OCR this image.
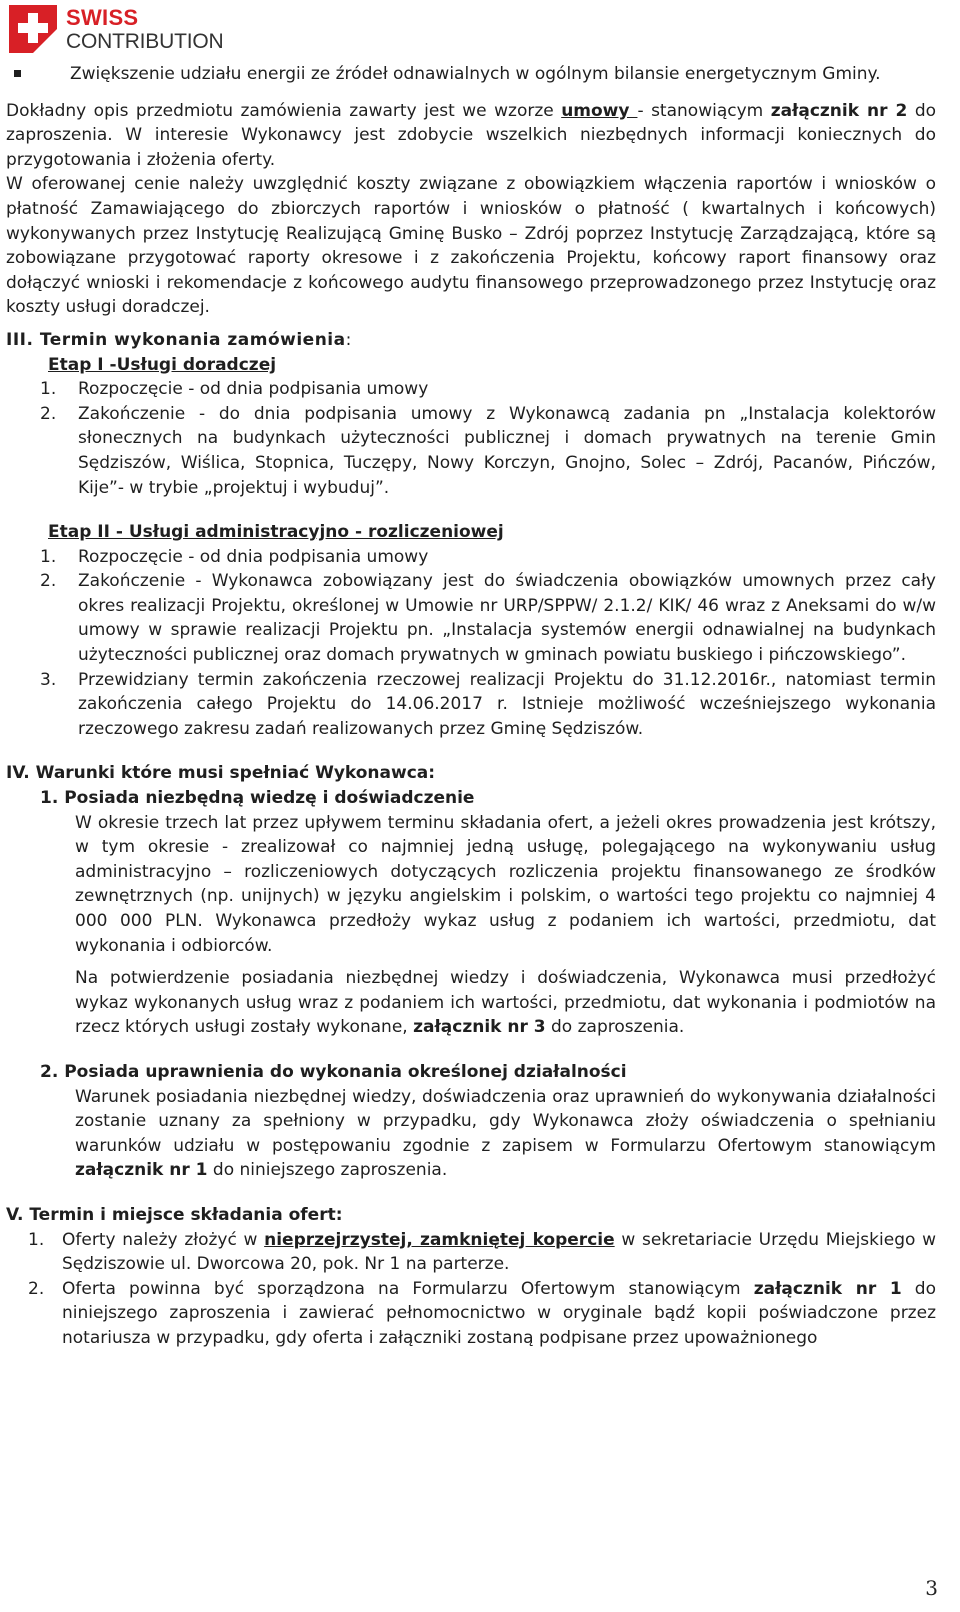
SWISS
CONTRIBUTION

Zwiększenie udziału energii ze źródeł odnawialnych w ogólnym bilansie energetycznym Gminy.

Dokładny opis przedmiotu zamówienia zawarty jest we wzorze umowy - stanowiącym załącznik nr 2 do zaproszenia. W interesie Wykonawcy jest zdobycie wszelkich niezbędnych informacji koniecznych do przygotowania i złożenia oferty.

W oferowanej cenie należy uwzględnić koszty związane z obowiązkiem włączenia raportów i wniosków o płatność Zamawiającego do zbiorczych raportów i wniosków o płatność ( kwartalnych i końcowych) wykonywanych przez Instytucję Realizującą Gminę Busko – Zdrój poprzez Instytucję Zarządzającą, które są zobowiązane przygotować raporty okresowe i z zakończenia Projektu, końcowy raport finansowy oraz dołączyć wnioski i rekomendacje z końcowego audytu finansowego przeprowadzonego przez Instytucję oraz koszty usługi doradczej.

III. Termin wykonania zamówienia:

Etap I -Usługi doradczej

1. Rozpoczęcie - od dnia podpisania umowy
2. Zakończenie - do dnia podpisania umowy z Wykonawcą zadania pn „Instalacja kolektorów słonecznych na budynkach użyteczności publicznej i domach prywatnych na terenie Gmin Sędziszów, Wiślica, Stopnica, Tuczępy, Nowy Korczyn, Gnojno, Solec – Zdrój, Pacanów, Pińczów, Kije”- w trybie „projektuj i wybuduj”.

Etap II - Usługi administracyjno - rozliczeniowej

1. Rozpoczęcie - od dnia podpisania umowy
2. Zakończenie - Wykonawca zobowiązany jest do świadczenia obowiązków umownych przez cały okres realizacji Projektu, określonej w Umowie nr URP/SPPW/ 2.1.2/ KIK/ 46 wraz z Aneksami do w/w umowy w sprawie realizacji Projektu pn. „Instalacja systemów energii odnawialnej na budynkach użyteczności publicznej oraz domach prywatnych w gminach powiatu buskiego i pińczowskiego”.
3. Przewidziany termin zakończenia rzeczowej realizacji Projektu do 31.12.2016r., natomiast termin zakończenia całego Projektu do 14.06.2017 r. Istnieje możliwość wcześniejszego wykonania rzeczowego zakresu zadań realizowanych przez Gminę Sędziszów.

IV. Warunki które musi spełniać Wykonawca:

1. Posiada niezbędną wiedzę i doświadczenie

W okresie trzech lat przez upływem terminu składania ofert, a jeżeli okres prowadzenia jest krótszy, w tym okresie - zrealizował co najmniej jedną usługę, polegającego na wykonywaniu usług administracyjno – rozliczeniowych dotyczących rozliczenia projektu finansowanego ze środków zewnętrznych (np. unijnych) w języku angielskim i polskim, o wartości tego projektu co najmniej 4 000 000 PLN. Wykonawca przedłoży wykaz usług z podaniem ich wartości, przedmiotu, dat wykonania i odbiorców.

Na potwierdzenie posiadania niezbędnej wiedzy i doświadczenia, Wykonawca musi przedłożyć wykaz wykonanych usług wraz z podaniem ich wartości, przedmiotu, dat wykonania i podmiotów na rzecz których usługi zostały wykonane, załącznik nr 3 do zaproszenia.

2. Posiada uprawnienia do wykonania określonej działalności

Warunek posiadania niezbędnej wiedzy, doświadczenia oraz uprawnień do wykonywania działalności zostanie uznany za spełniony w przypadku, gdy Wykonawca złoży oświadczenia o spełnianiu warunków udziału w postępowaniu zgodnie z zapisem w Formularzu Ofertowym stanowiącym załącznik nr 1 do niniejszego zaproszenia.

V. Termin i miejsce składania ofert:

1. Oferty należy złożyć w nieprzejrzystej, zamkniętej kopercie w sekretariacie Urzędu Miejskiego w Sędziszowie ul. Dworcowa 20, pok. Nr 1 na parterze.
2. Oferta powinna być sporządzona na Formularzu Ofertowym stanowiącym załącznik nr 1 do niniejszego zaproszenia i zawierać pełnomocnictwo w oryginale bądź kopii poświadczone przez notariusza w przypadku, gdy oferta i załączniki zostaną podpisane przez upoważnionego
3
